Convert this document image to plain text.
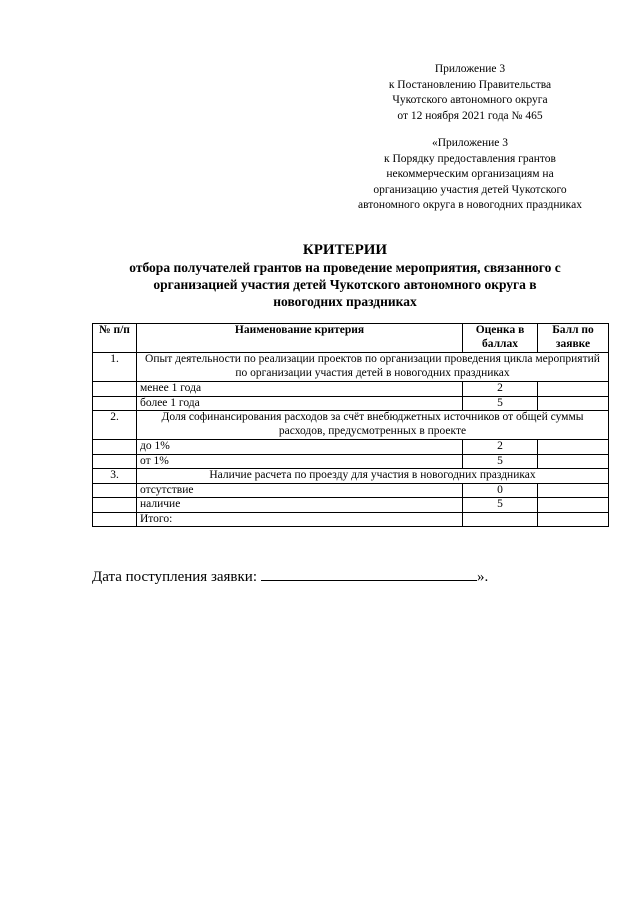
Приложение 3
к Постановлению Правительства
Чукотского автономного округа
от 12 ноября 2021 года № 465
«Приложение 3
к Порядку предоставления грантов
некоммерческим организациям на
организацию участия детей Чукотского
автономного округа в новогодних праздниках
КРИТЕРИИ
отбора получателей грантов на проведение мероприятия, связанного с
организацией участия детей Чукотского автономного округа в
новогодних праздниках
№ п/п	Наименование критерия	Оценка в баллах	Балл по заявке
1.	Опыт деятельности по реализации проектов по организации проведения цикла мероприятий по организации участия детей в новогодних праздниках		
	менее 1 года	2	
	более 1 года	5	
2.	Доля софинансирования расходов за счёт внебюджетных источников от общей суммы расходов, предусмотренных в проекте		
	до 1%	2	
	от 1%	5	
3.	Наличие расчета по проезду для участия в новогодних праздниках		
	отсутствие	0	
	наличие	5	
	Итого:		
Дата поступления заявки:	».
